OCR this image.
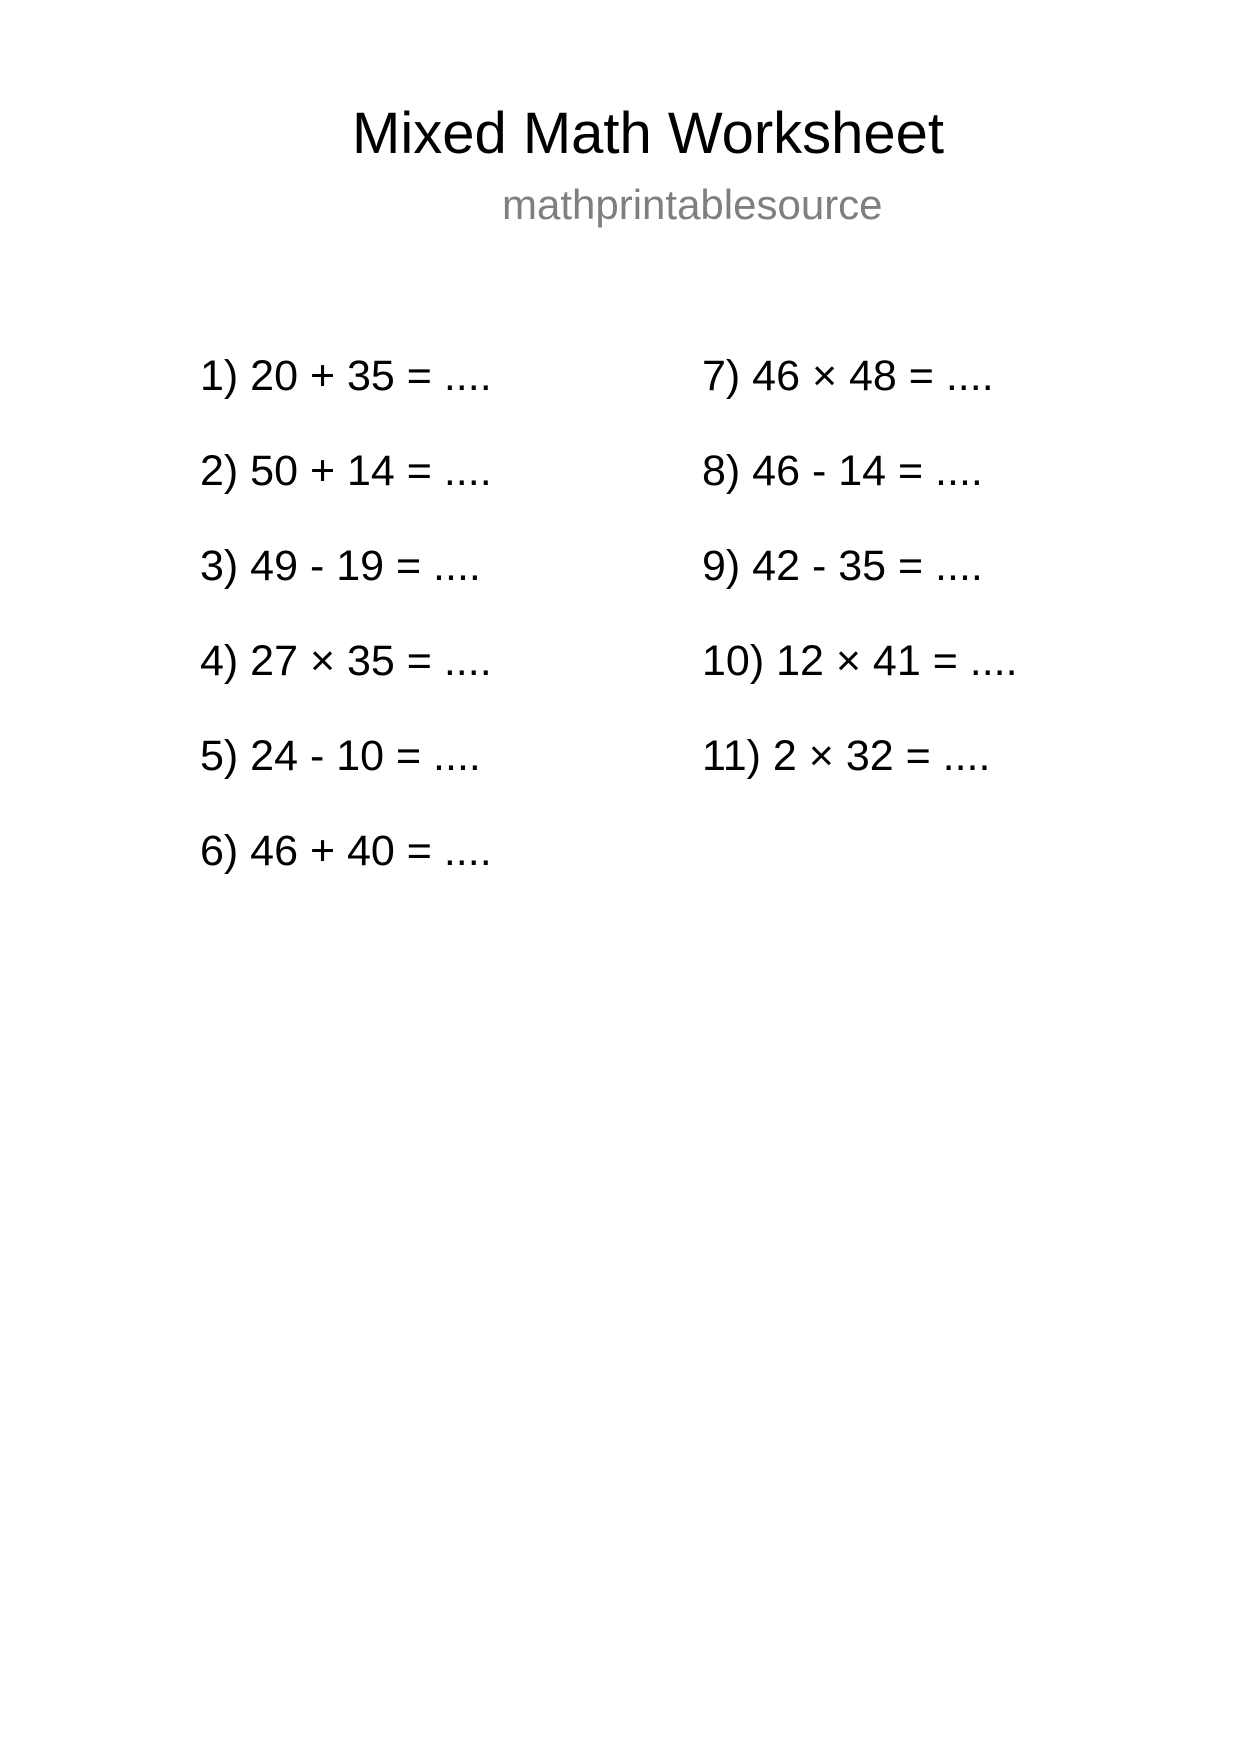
Mixed Math Worksheet
mathprintablesource
1) 20 + 35 = ....
2) 50 + 14 = ....
3) 49 - 19 = ....
4) 27 × 35 = ....
5) 24 - 10 = ....
6) 46 + 40 = ....
7) 46 × 48 = ....
8) 46 - 14 = ....
9) 42 - 35 = ....
10) 12 × 41 = ....
11) 2 × 32 = ....
